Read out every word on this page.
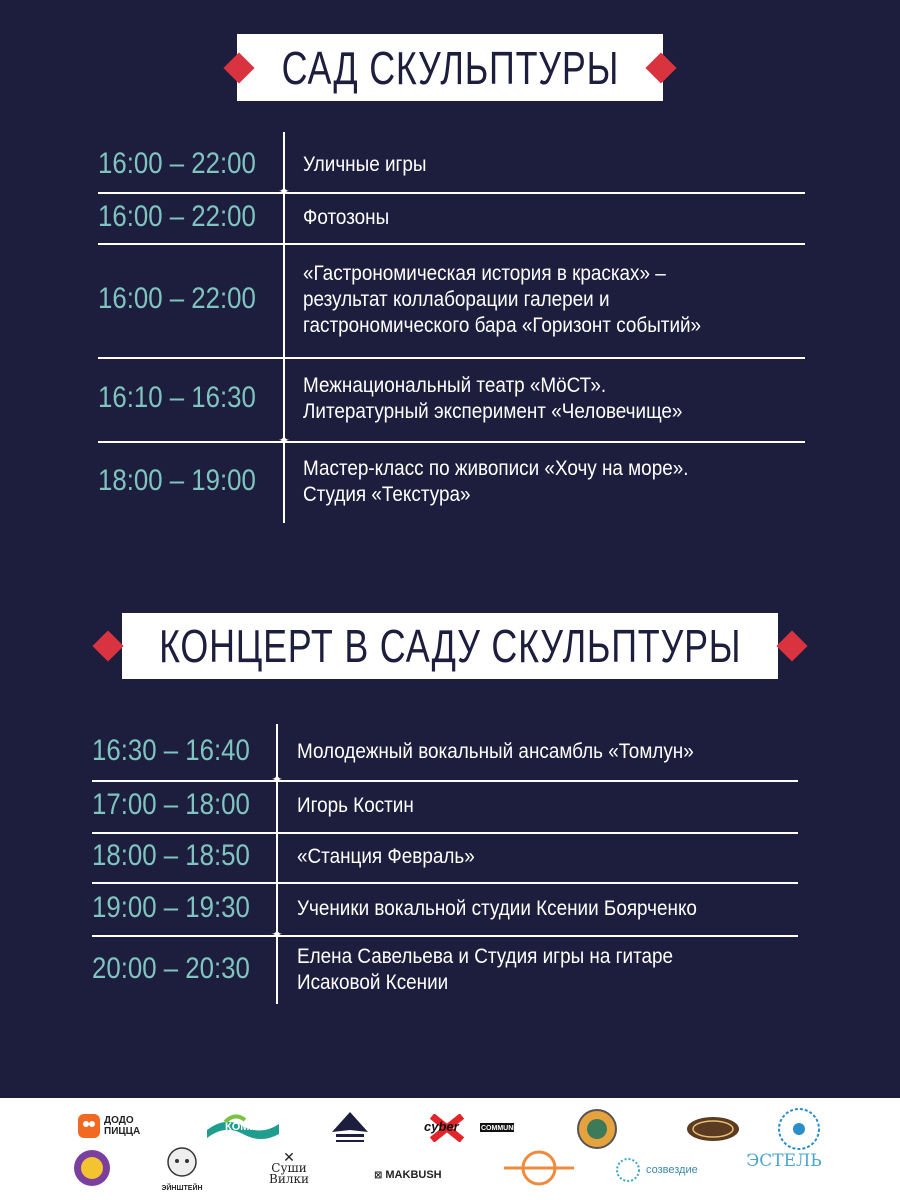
САД СКУЛЬПТУРЫ
КОНЦЕРТ В САДУ СКУЛЬПТУРЫ
ДОДО ПИЦЦА	КОМИ	cyber	COMMUNITY
ЭЙНШТЕЙН
✕
Суши Вилки	⊠ MAKBUSH	созвездие	ЭСТЕЛЬ
16:00 – 22:00 Уличные игры
16:00 – 22:00 Фотозоны
16:00 – 22:00
«Гастрономическая история в красках» –
результат коллаборации галереи и
гастрономического бара «Горизонт событий»
16:10 – 16:30 Межнациональный театр «МӧСТ».
Литературный эксперимент «Человечище»
18:00 – 19:00 Мастер-класс по живописи «Хочу на море».
Студия «Текстура»
✦
✦
16:30 – 16:40 Молодежный вокальный ансамбль «Томлун»
17:00 – 18:00 Игорь Костин
18:00 – 18:50 «Станция Февраль»
19:00 – 19:30 Ученики вокальной студии Ксении Боярченко
20:00 – 20:30 Елена Савельева и Студия игры на гитаре
Исаковой Ксении
✦
✦
